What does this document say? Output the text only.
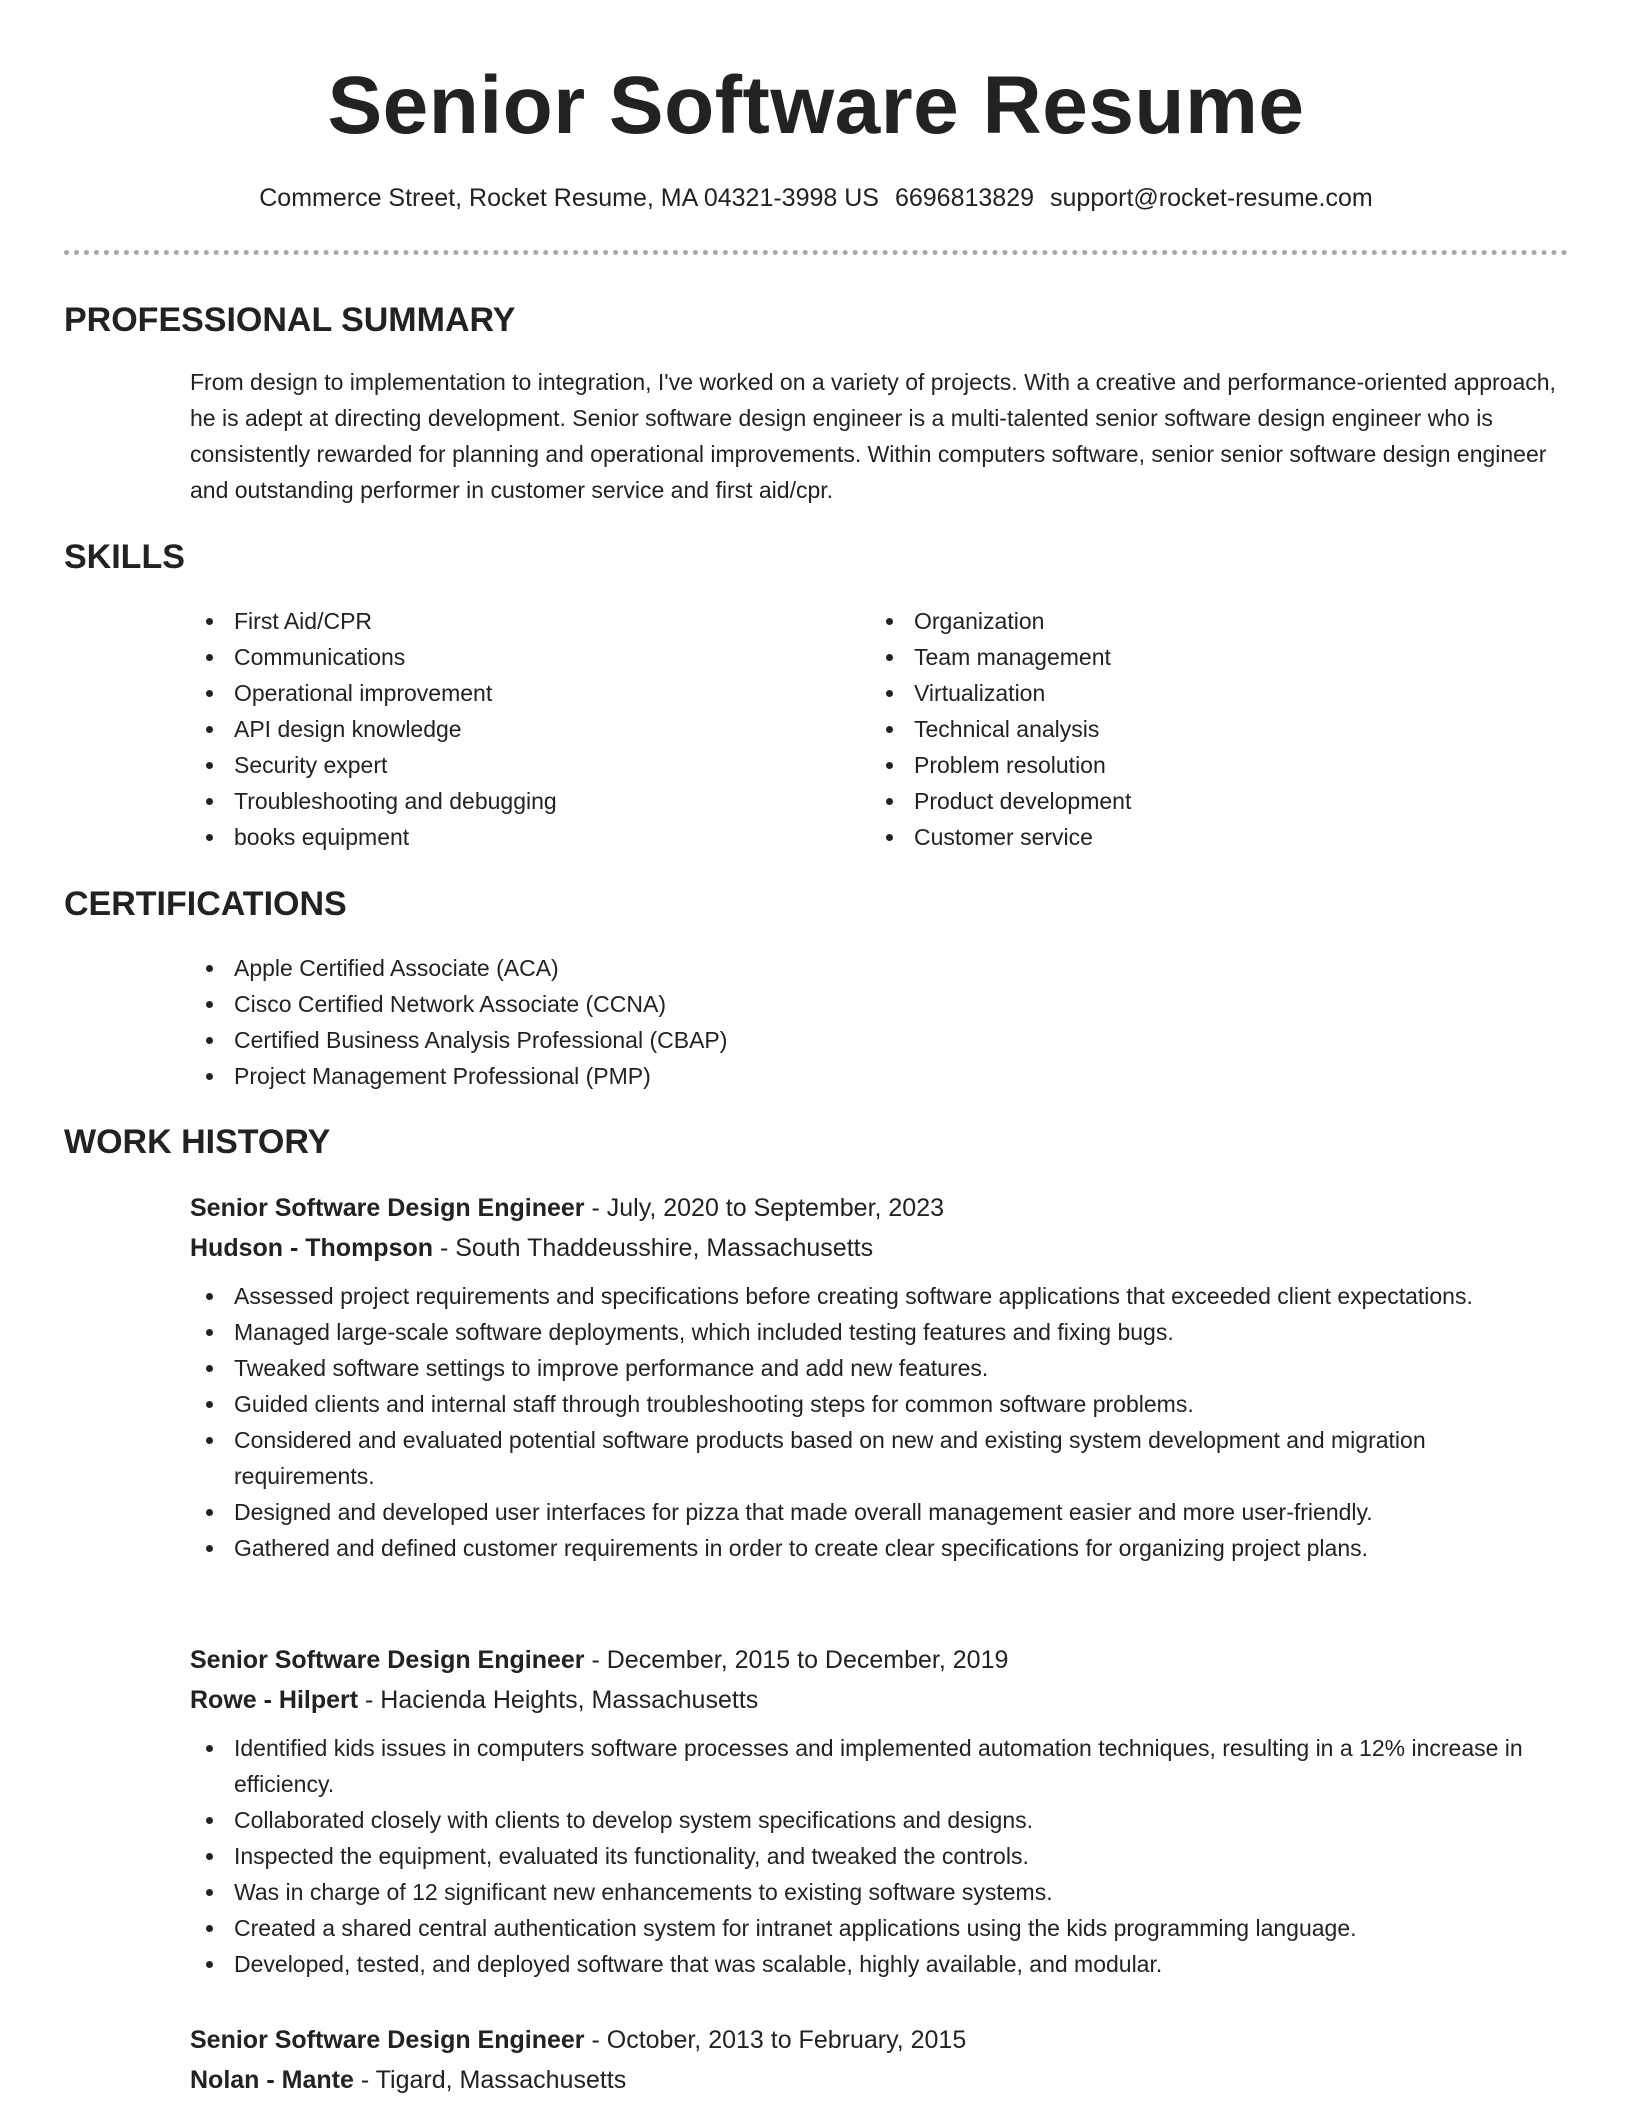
Senior Software Resume
Commerce Street, Rocket Resume, MA 04321-3998 US 6696813829 support@rocket-resume.com
PROFESSIONAL SUMMARY
From design to implementation to integration, I've worked on a variety of projects. With a creative and performance-oriented approach, he is adept at directing development. Senior software design engineer is a multi-talented senior software design engineer who is consistently rewarded for planning and operational improvements. Within computers software, senior senior software design engineer and outstanding performer in customer service and first aid/cpr.
SKILLS
First Aid/CPR
Communications
Operational improvement
API design knowledge
Security expert
Troubleshooting and debugging
books equipment
Organization
Team management
Virtualization
Technical analysis
Problem resolution
Product development
Customer service
CERTIFICATIONS
Apple Certified Associate (ACA)
Cisco Certified Network Associate (CCNA)
Certified Business Analysis Professional (CBAP)
Project Management Professional (PMP)
WORK HISTORY
Senior Software Design Engineer - July, 2020 to September, 2023
Hudson - Thompson - South Thaddeusshire, Massachusetts
Assessed project requirements and specifications before creating software applications that exceeded client expectations.
Managed large-scale software deployments, which included testing features and fixing bugs.
Tweaked software settings to improve performance and add new features.
Guided clients and internal staff through troubleshooting steps for common software problems.
Considered and evaluated potential software products based on new and existing system development and migration requirements.
Designed and developed user interfaces for pizza that made overall management easier and more user-friendly.
Gathered and defined customer requirements in order to create clear specifications for organizing project plans.
Senior Software Design Engineer - December, 2015 to December, 2019
Rowe - Hilpert - Hacienda Heights, Massachusetts
Identified kids issues in computers software processes and implemented automation techniques, resulting in a 12% increase in efficiency.
Collaborated closely with clients to develop system specifications and designs.
Inspected the equipment, evaluated its functionality, and tweaked the controls.
Was in charge of 12 significant new enhancements to existing software systems.
Created a shared central authentication system for intranet applications using the kids programming language.
Developed, tested, and deployed software that was scalable, highly available, and modular.
Senior Software Design Engineer - October, 2013 to February, 2015
Nolan - Mante - Tigard, Massachusetts
